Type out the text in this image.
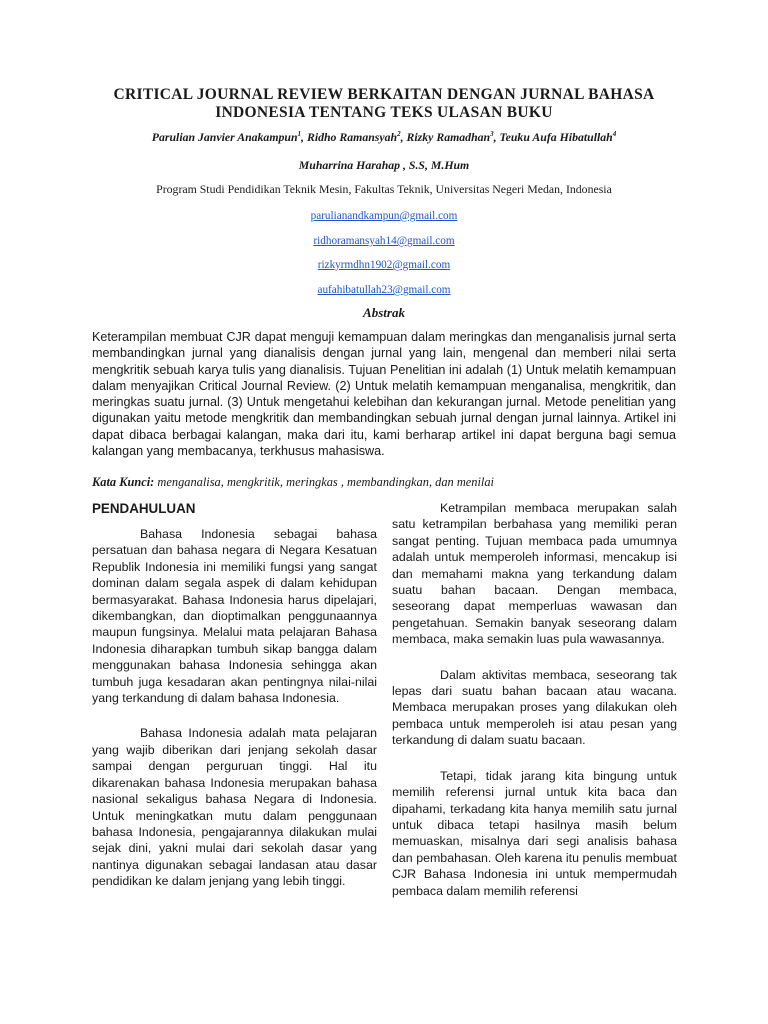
CRITICAL JOURNAL REVIEW BERKAITAN DENGAN JURNAL BAHASA INDONESIA TENTANG TEKS ULASAN BUKU
Parulian Janvier Anakampun$^1$, Ridho Ramansyah$^2$, Rizky Ramadhan$^3$, Teuku Aufa Hibatullah$^4$
Muharrina Harahap , S.S, M.Hum
Program Studi Pendidikan Teknik Mesin, Fakultas Teknik, Universitas Negeri Medan, Indonesia
parulianandkampun@gmail.com
ridhoramansyah14@gmail.com
rizkyrmdhn1902@gmail.com
aufahibatullah23@gmail.com
Abstrak

Keterampilan membuat CJR dapat menguji kemampuan dalam meringkas dan menganalisis jurnal serta membandingkan jurnal yang dianalisis dengan jurnal yang lain, mengenal dan memberi nilai serta mengkritik sebuah karya tulis yang dianalisis. Tujuan Penelitian ini adalah (1) Untuk melatih kemampuan dalam menyajikan Critical Journal Review. (2) Untuk melatih kemampuan menganalisa, mengkritik, dan meringkas suatu jurnal. (3) Untuk mengetahui kelebihan dan kekurangan jurnal. Metode penelitian yang digunakan yaitu metode mengkritik dan membandingkan sebuah jurnal dengan jurnal lainnya. Artikel ini dapat dibaca berbagai kalangan, maka dari itu, kami berharap artikel ini dapat berguna bagi semua kalangan yang membacanya, terkhusus mahasiswa.

Kata Kunci: menganalisa, mengkritik, meringkas , membandingkan, dan menilai
PENDAHULUAN

Bahasa Indonesia sebagai bahasa persatuan dan bahasa negara di Negara Kesatuan Republik Indonesia ini memiliki fungsi yang sangat dominan dalam segala aspek di dalam kehidupan bermasyarakat. Bahasa Indonesia harus dipelajari, dikembangkan, dan dioptimalkan penggunaannya maupun fungsinya. Melalui mata pelajaran Bahasa Indonesia diharapkan tumbuh sikap bangga dalam menggunakan bahasa Indonesia sehingga akan tumbuh juga kesadaran akan pentingnya nilai-nilai yang terkandung di dalam bahasa Indonesia.

Bahasa Indonesia adalah mata pelajaran yang wajib diberikan dari jenjang sekolah dasar sampai dengan perguruan tinggi. Hal itu dikarenakan bahasa Indonesia merupakan bahasa nasional sekaligus bahasa Negara di Indonesia. Untuk meningkatkan mutu dalam penggunaan bahasa Indonesia, pengajarannya dilakukan mulai sejak dini, yakni mulai dari sekolah dasar yang nantinya digunakan sebagai landasan atau dasar pendidikan ke dalam jenjang yang lebih tinggi.

Ketrampilan membaca merupakan salah satu ketrampilan berbahasa yang memiliki peran sangat penting. Tujuan membaca pada umumnya adalah untuk memperoleh informasi, mencakup isi dan memahami makna yang terkandung dalam suatu bahan bacaan. Dengan membaca, seseorang dapat memperluas wawasan dan pengetahuan. Semakin banyak seseorang dalam membaca, maka semakin luas pula wawasannya.

Dalam aktivitas membaca, seseorang tak lepas dari suatu bahan bacaan atau wacana. Membaca merupakan proses yang dilakukan oleh pembaca untuk memperoleh isi atau pesan yang terkandung di dalam suatu bacaan.

Tetapi, tidak jarang kita bingung untuk memilih referensi jurnal untuk kita baca dan dipahami, terkadang kita hanya memilih satu jurnal untuk dibaca tetapi hasilnya masih belum memuaskan, misalnya dari segi analisis bahasa dan pembahasan. Oleh karena itu penulis membuat CJR Bahasa Indonesia ini untuk mempermudah pembaca dalam memilih referensi
